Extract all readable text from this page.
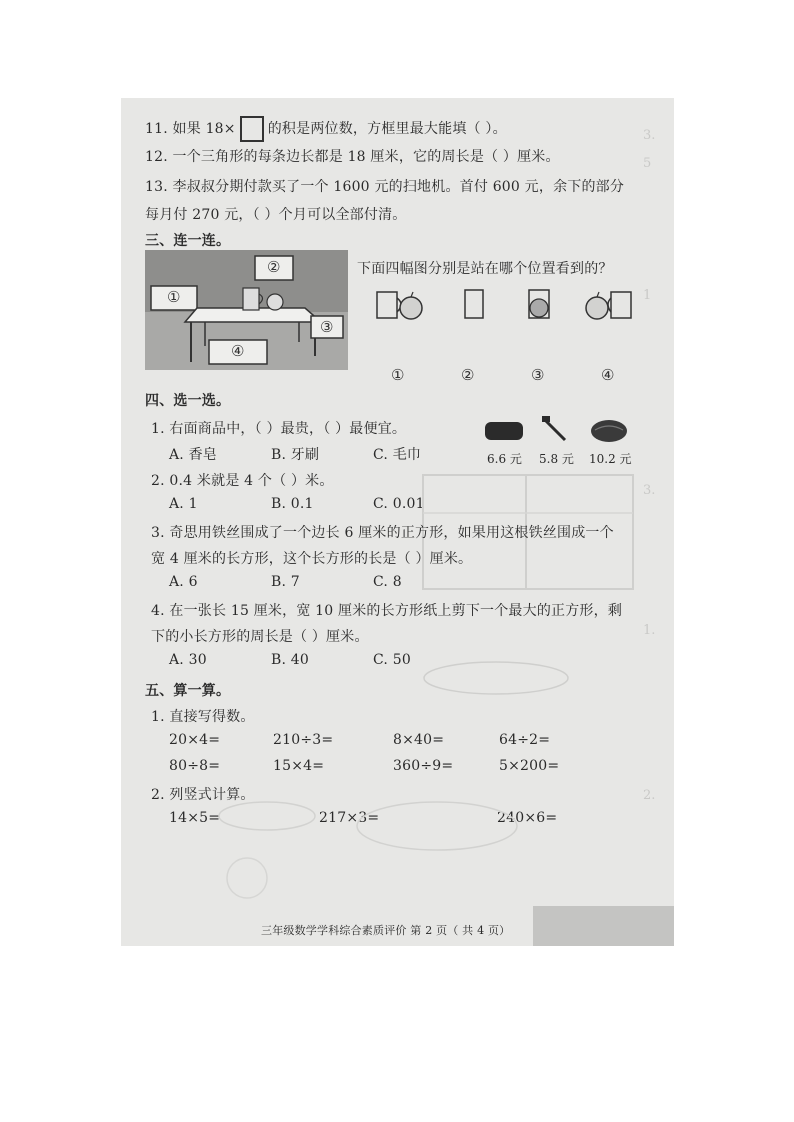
3.
5
1
3.
1.
2.
11. 如果 18× 的积是两位数，方框里最大能填（ ）。
12. 一个三角形的每条边长都是 18 厘米，它的周长是（ ）厘米。
13. 李叔叔分期付款买了一个 1600 元的扫地机。首付 600 元，余下的部分
每月付 270 元，（ ）个月可以全部付清。
三、连一连。
①
②
③
④
下面四幅图分别是站在哪个位置看到的？
①	②	③	④
四、选一选。
1. 右面商品中，（ ）最贵，（ ）最便宜。
A. 香皂	B. 牙刷	C. 毛巾	6.6 元 5.8 元 10.2 元
2. 0.4 米就是 4 个（ ）米。
A. 1	B. 0.1	C. 0.01
3. 奇思用铁丝围成了一个边长 6 厘米的正方形，如果用这根铁丝围成一个
宽 4 厘米的长方形，这个长方形的长是（ ）厘米。
A. 6	B. 7	C. 8
4. 在一张长 15 厘米，宽 10 厘米的长方形纸上剪下一个最大的正方形，剩
下的小长方形的周长是（ ）厘米。
A. 30	B. 40	C. 50
五、算一算。
1. 直接写得数。
20×4=	210÷3=	8×40=	64÷2=
80÷8=	15×4=	360÷9=	5×200=
2. 列竖式计算。
14×5=	217×3=	240×6=
三年级数学学科综合素质评价 第 2 页（ 共 4 页）
